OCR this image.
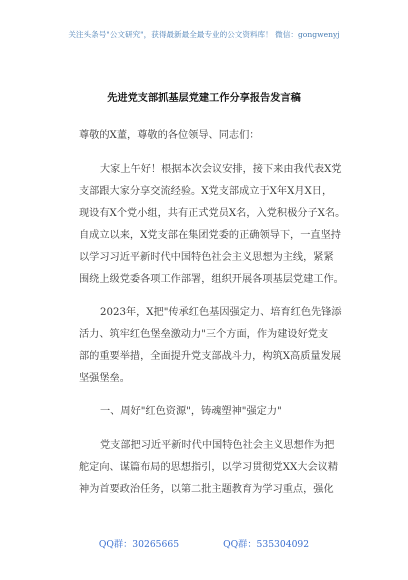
关注头条号"公文研究"，获得最新最全最专业的公文资料库！ 微信：gongwenyj
先进党支部抓基层党建工作分享报告发言稿
尊敬的X董，尊敬的各位领导、同志们：
大家上午好！根据本次会议安排，接下来由我代表X党
支部跟大家分享交流经验。X党支部成立于X年X月X日，
现设有X个党小组，共有正式党员X名，入党积极分子X名。
自成立以来，X党支部在集团党委的正确领导下，一直坚持
以学习习近平新时代中国特色社会主义思想为主线，紧紧
围绕上级党委各项工作部署，组织开展各项基层党建工作。
2023年，X把"传承红色基因强定力、培育红色先锋添
活力、筑牢红色堡垒激动力"三个方面，作为建设好党支
部的重要举措，全面提升党支部战斗力，构筑X高质量发展
坚强堡垒。
一、周好"红色资源"，铸魂塑神"强定力"
党支部把习近平新时代中国特色社会主义思想作为把
舵定向、谋篇布局的思想指引，以学习贯彻党XX大会议精
神为首要政治任务，以第二批主题教育为学习重点，强化
QQ群：30265665	QQ群：535304092
